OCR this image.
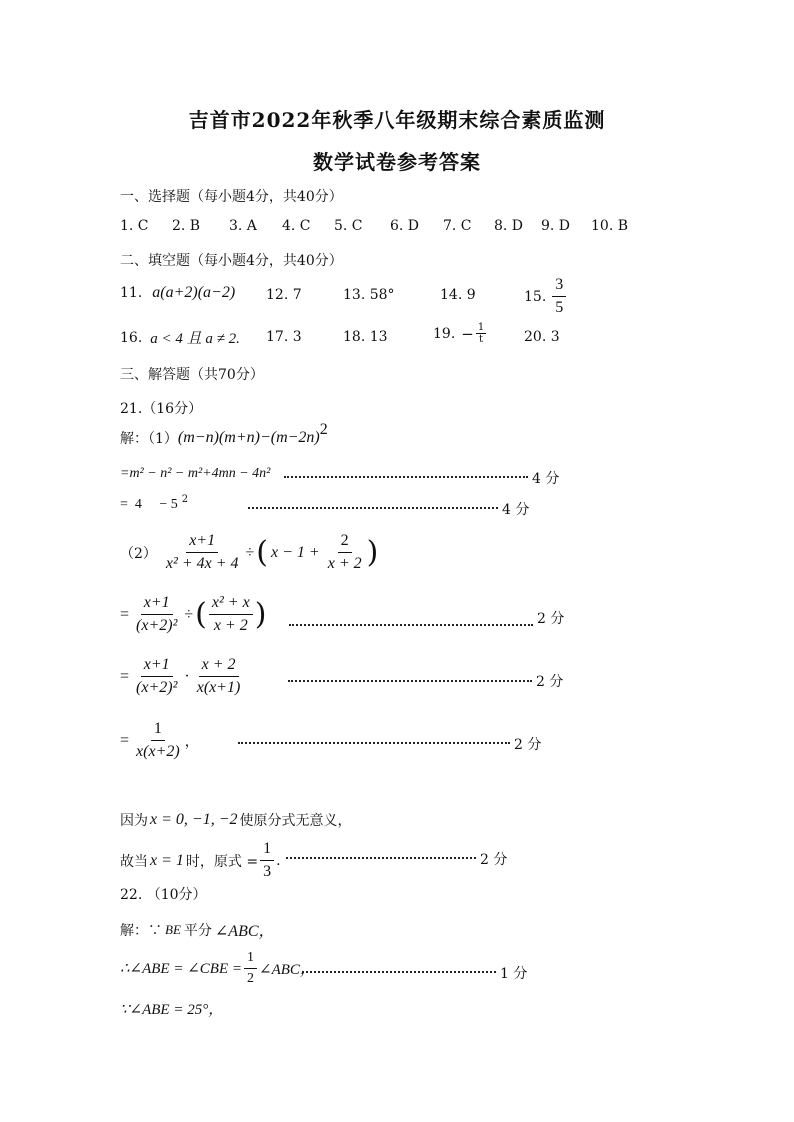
吉首市2022年秋季八年级期末综合素质监测
数学试卷参考答案
一、选择题（每小题4分，共40分）
1. C 2. B 3. A 4. C 5. C 6. D 7. C 8. D 9. D 10. B
二、填空题（每小题4分，共40分）
11. a(a+2)(a−2) 12. 7	13. 58°	14. 9	15. $\frac{3}{5}$
16. a < 4 且 a ≠ 2. 17. 3	18. 13	19. − $\frac{1}{t}$	20. 3
三、解答题（共70分）
21.（16分）
解：（1） $(m-n)(m+n)-(m-2n)^2$
=m² − n² − m²+4mn − 4n²	4 分
=  4     − 5 $^2$
4 分
$(2) \frac{x+1}{\text{x² + 4x + 4}}$ ÷ ( $x - 1 + \frac{2}{x + 2}$ )
= $\frac{x+1}{\text{(x+2)²}}$ ÷ ( $\frac{\text{x² + x}}{x + 2}$ )	2 分
= $\frac{x+1}{\text{(x+2)²}} \cdot \frac{x + 2}{x(x+1)}$	2 分
= $\frac{1}{x(x+2)}$ ，	2 分
因为 x = 0, −1, −2 使原分式无意义，
故当 x = 1 时，原式 = $\frac{1}{3}$ .	2 分
22. （10分）
解：∵ BE 平分 ∠ABC，
∴∠ABE = ∠CBE = $\frac{1}{2}$ ∠ABC，	1 分
∵∠ABE = 25°，
